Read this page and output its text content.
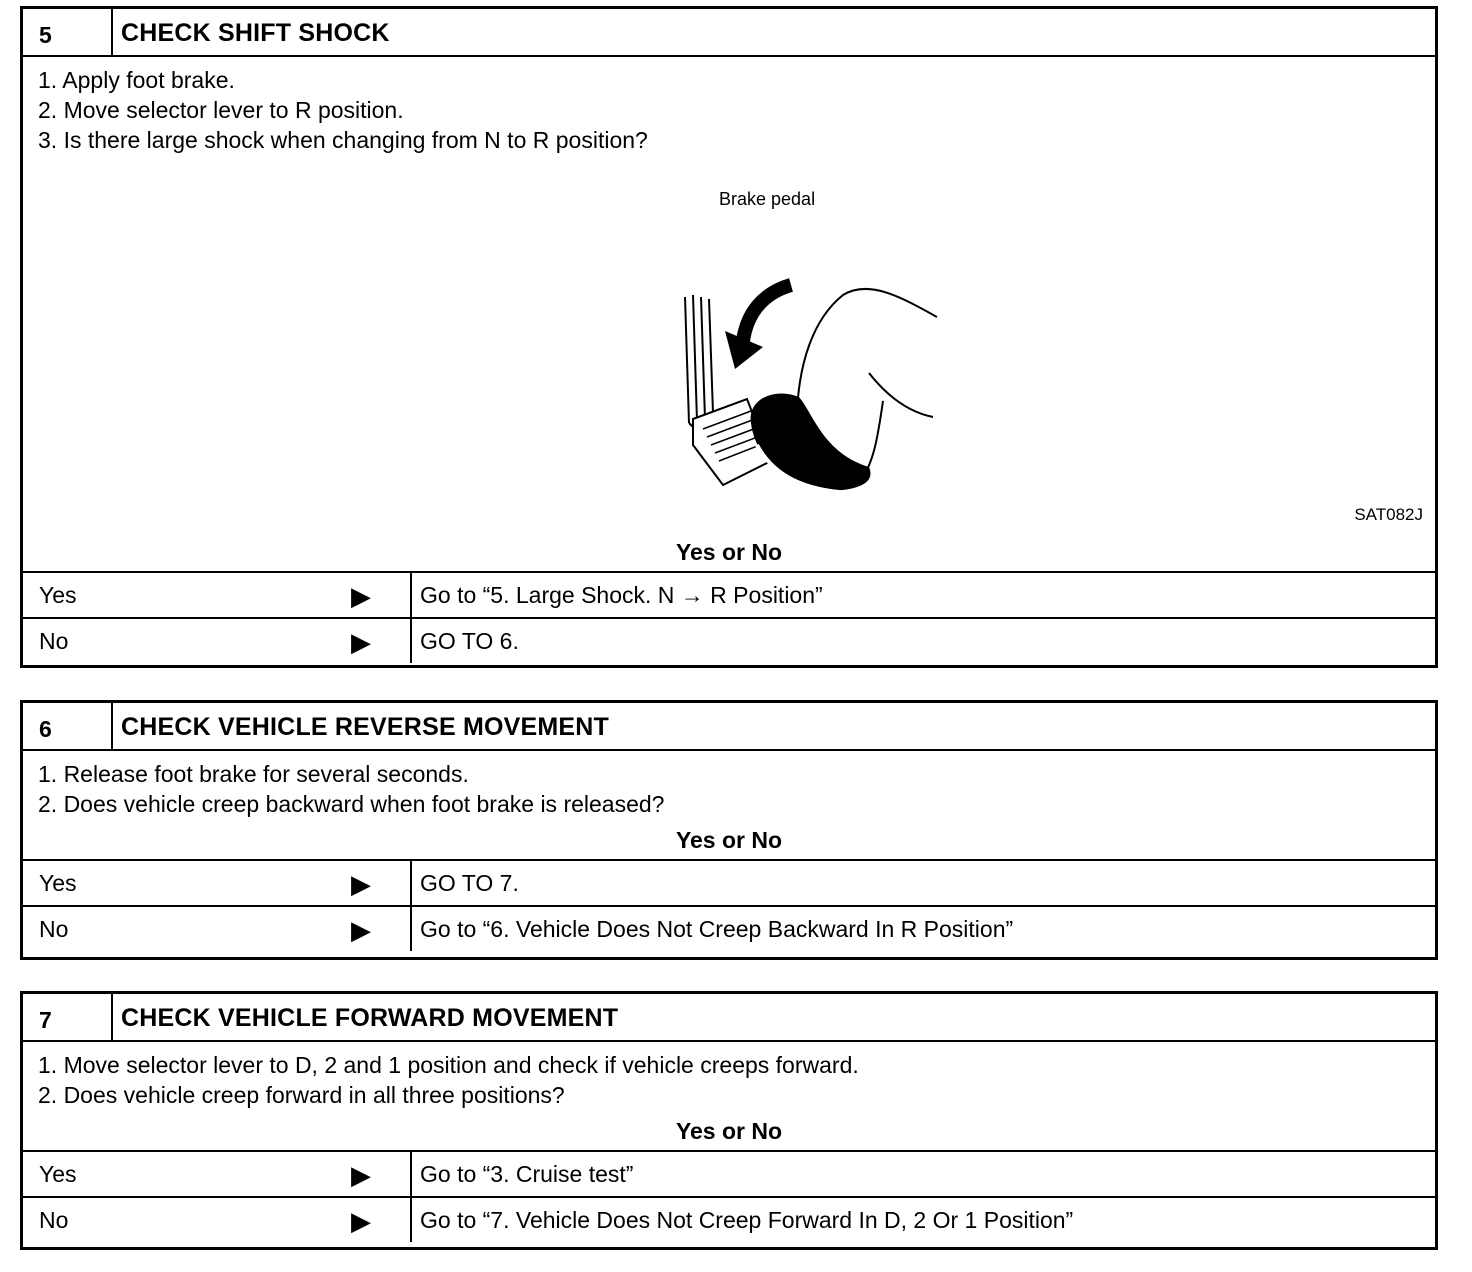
5	CHECK SHIFT SHOCK
1. Apply foot brake.
2. Move selector lever to R position.
3. Is there large shock when changing from N to R position?
Brake pedal
SAT082J
Yes or No
Yes	▶	Go to “5. Large Shock. N → R Position”
No	▶	GO TO 6.
6	CHECK VEHICLE REVERSE MOVEMENT
1. Release foot brake for several seconds.
2. Does vehicle creep backward when foot brake is released?
Yes or No
Yes	▶	GO TO 7.
No	▶	Go to “6. Vehicle Does Not Creep Backward In R Position”
7	CHECK VEHICLE FORWARD MOVEMENT
1. Move selector lever to D, 2 and 1 position and check if vehicle creeps forward.
2. Does vehicle creep forward in all three positions?
Yes or No
Yes	▶	Go to “3. Cruise test”
No	▶	Go to “7. Vehicle Does Not Creep Forward In D, 2 Or 1 Position”
